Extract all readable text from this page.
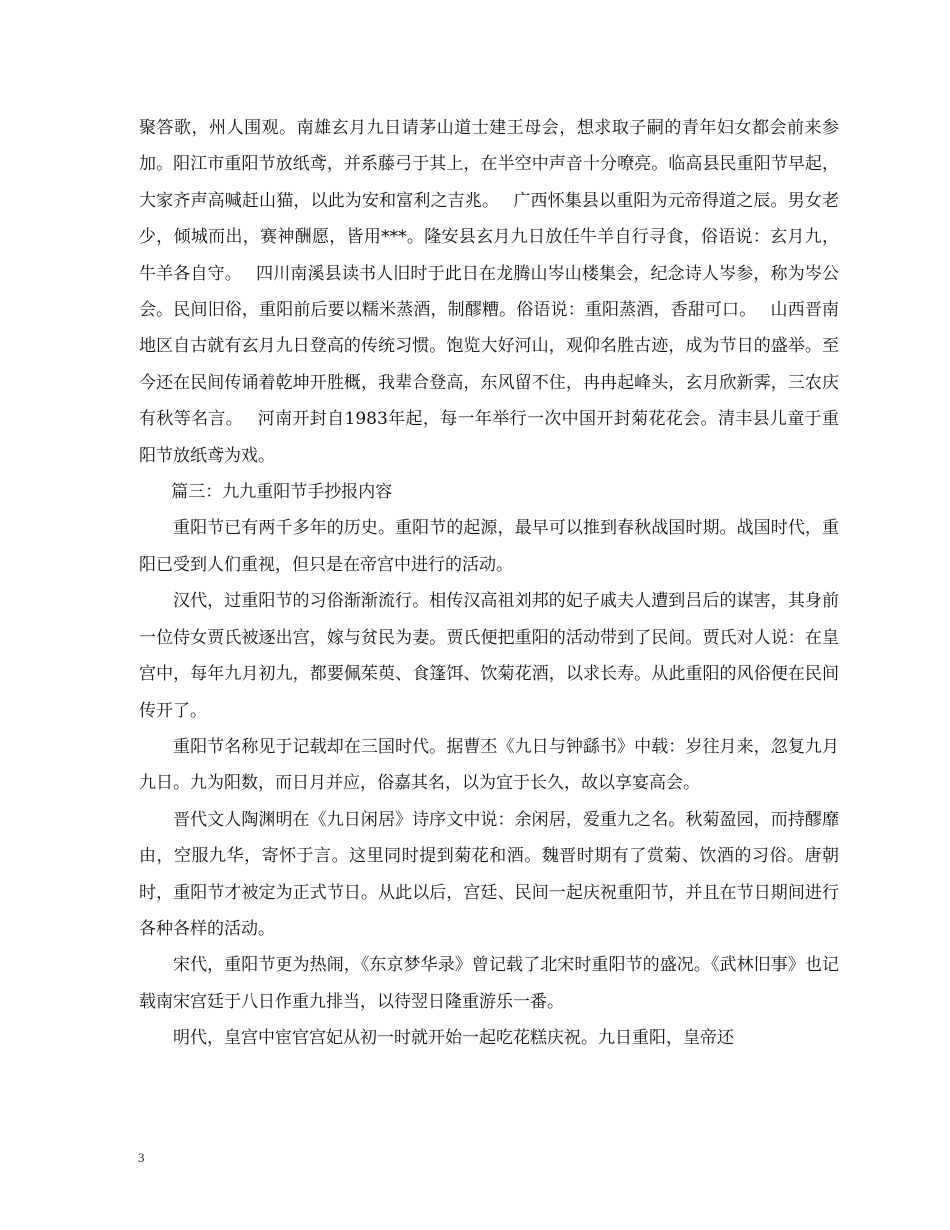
聚答歌，州人围观。南雄玄月九日请茅山道士建王母会，想求取子嗣的青年妇女都会前来参加。阳江市重阳节放纸鸢，并系藤弓于其上，在半空中声音十分嘹亮。临高县民重阳节早起，大家齐声高喊赶山猫，以此为安和富利之吉兆。　 广西怀集县以重阳为元帝得道之辰。男女老少，倾城而出，赛神酬愿，皆用***。隆安县玄月九日放任牛羊自行寻食，俗语说：玄月九，牛羊各自守。　 四川南溪县读书人旧时于此日在龙腾山岑山楼集会，纪念诗人岑参，称为岑公会。民间旧俗，重阳前后要以糯米蒸酒，制醪糟。俗语说：重阳蒸酒，香甜可口。　 山西晋南地区自古就有玄月九日登高的传统习惯。饱览大好河山，观仰名胜古迹，成为节日的盛举。至今还在民间传诵着乾坤开胜概，我辈合登高，东风留不住，冉冉起峰头，玄月欣新霁，三农庆有秋等名言。　 河南开封自1983年起，每一年举行一次中国开封菊花花会。清丰县儿童于重阳节放纸鸢为戏。

篇三：九九重阳节手抄报内容

重阳节已有两千多年的历史。重阳节的起源，最早可以推到春秋战国时期。战国时代，重阳已受到人们重视，但只是在帝宫中进行的活动。

汉代，过重阳节的习俗渐渐流行。相传汉高祖刘邦的妃子戚夫人遭到吕后的谋害，其身前一位侍女贾氏被逐出宫，嫁与贫民为妻。贾氏便把重阳的活动带到了民间。贾氏对人说：在皇宫中，每年九月初九，都要佩茱萸、食篷饵、饮菊花酒，以求长寿。从此重阳的风俗便在民间传开了。

重阳节名称见于记载却在三国时代。据曹丕《九日与钟繇书》中载：岁往月来，忽复九月九日。九为阳数，而日月并应，俗嘉其名，以为宜于长久，故以享宴高会。

晋代文人陶渊明在《九日闲居》诗序文中说：余闲居，爱重九之名。秋菊盈园，而持醪靡由，空服九华，寄怀于言。这里同时提到菊花和酒。魏晋时期有了赏菊、饮酒的习俗。唐朝时，重阳节才被定为正式节日。从此以后，宫廷、民间一起庆祝重阳节，并且在节日期间进行各种各样的活动。

宋代，重阳节更为热闹，《东京梦华录》曾记载了北宋时重阳节的盛况。《武林旧事》也记载南宋宫廷于八日作重九排当，以待翌日隆重游乐一番。

明代，皇宫中宦官宫妃从初一时就开始一起吃花糕庆祝。九日重阳，皇帝还

3
